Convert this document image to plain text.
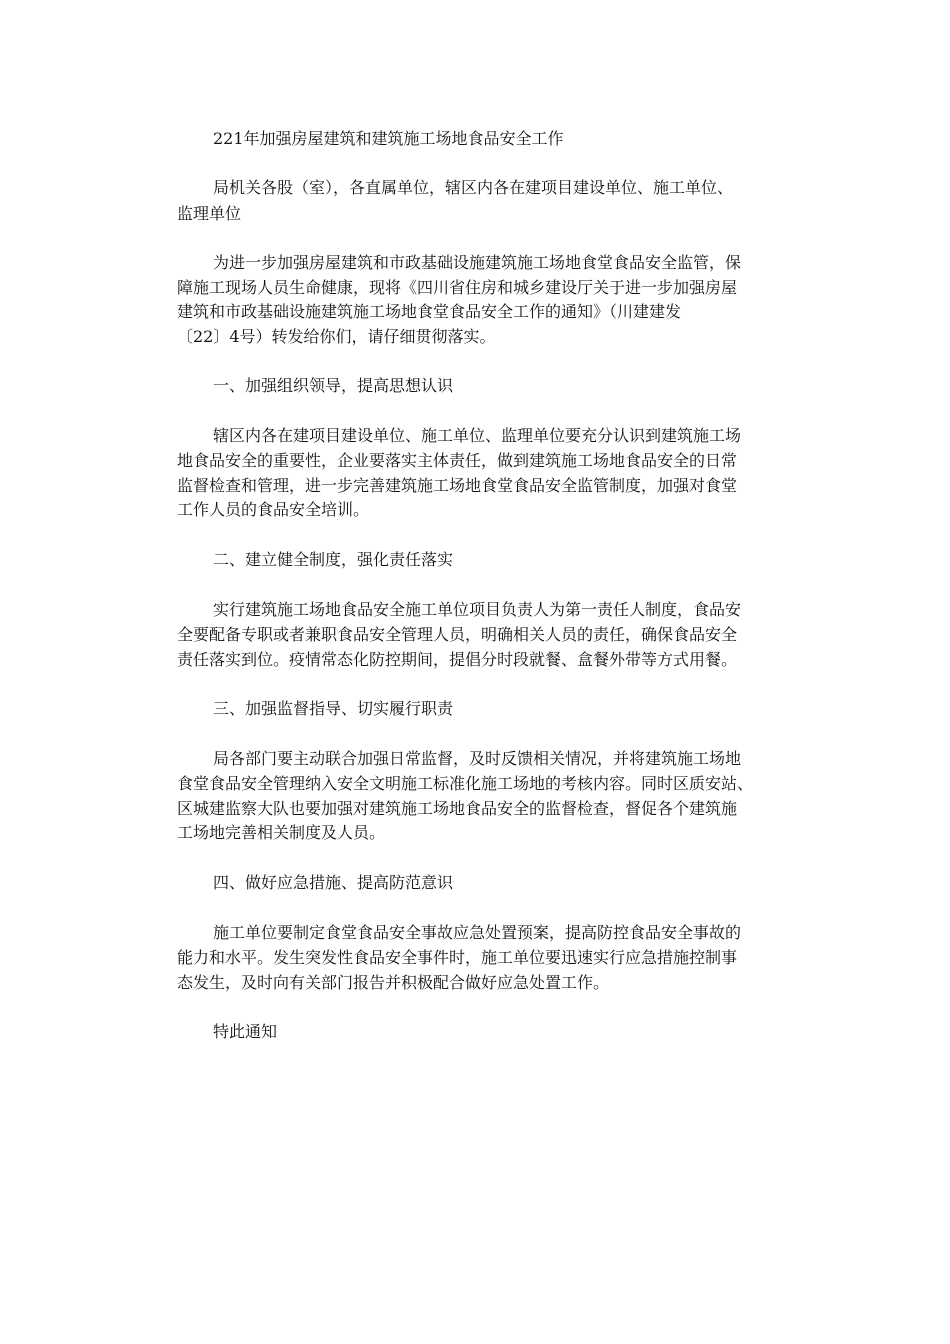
221年加强房屋建筑和建筑施工场地食品安全工作
局机关各股（室），各直属单位，辖区内各在建项目建设单位、施工单位、
监理单位
为进一步加强房屋建筑和市政基础设施建筑施工场地食堂食品安全监管，保
障施工现场人员生命健康，现将《四川省住房和城乡建设厅关于进一步加强房屋
建筑和市政基础设施建筑施工场地食堂食品安全工作的通知》（川建建发
〔22〕4号）转发给你们，请仔细贯彻落实。
一、加强组织领导，提高思想认识
辖区内各在建项目建设单位、施工单位、监理单位要充分认识到建筑施工场
地食品安全的重要性，企业要落实主体责任，做到建筑施工场地食品安全的日常
监督检查和管理，进一步完善建筑施工场地食堂食品安全监管制度，加强对食堂
工作人员的食品安全培训。
二、建立健全制度，强化责任落实
实行建筑施工场地食品安全施工单位项目负责人为第一责任人制度，食品安
全要配备专职或者兼职食品安全管理人员，明确相关人员的责任，确保食品安全
责任落实到位。疫情常态化防控期间，提倡分时段就餐、盒餐外带等方式用餐。
三、加强监督指导、切实履行职责
局各部门要主动联合加强日常监督，及时反馈相关情况，并将建筑施工场地
食堂食品安全管理纳入安全文明施工标准化施工场地的考核内容。同时区质安站、
区城建监察大队也要加强对建筑施工场地食品安全的监督检查，督促各个建筑施
工场地完善相关制度及人员。
四、做好应急措施、提高防范意识
施工单位要制定食堂食品安全事故应急处置预案，提高防控食品安全事故的
能力和水平。发生突发性食品安全事件时，施工单位要迅速实行应急措施控制事
态发生，及时向有关部门报告并积极配合做好应急处置工作。
特此通知
